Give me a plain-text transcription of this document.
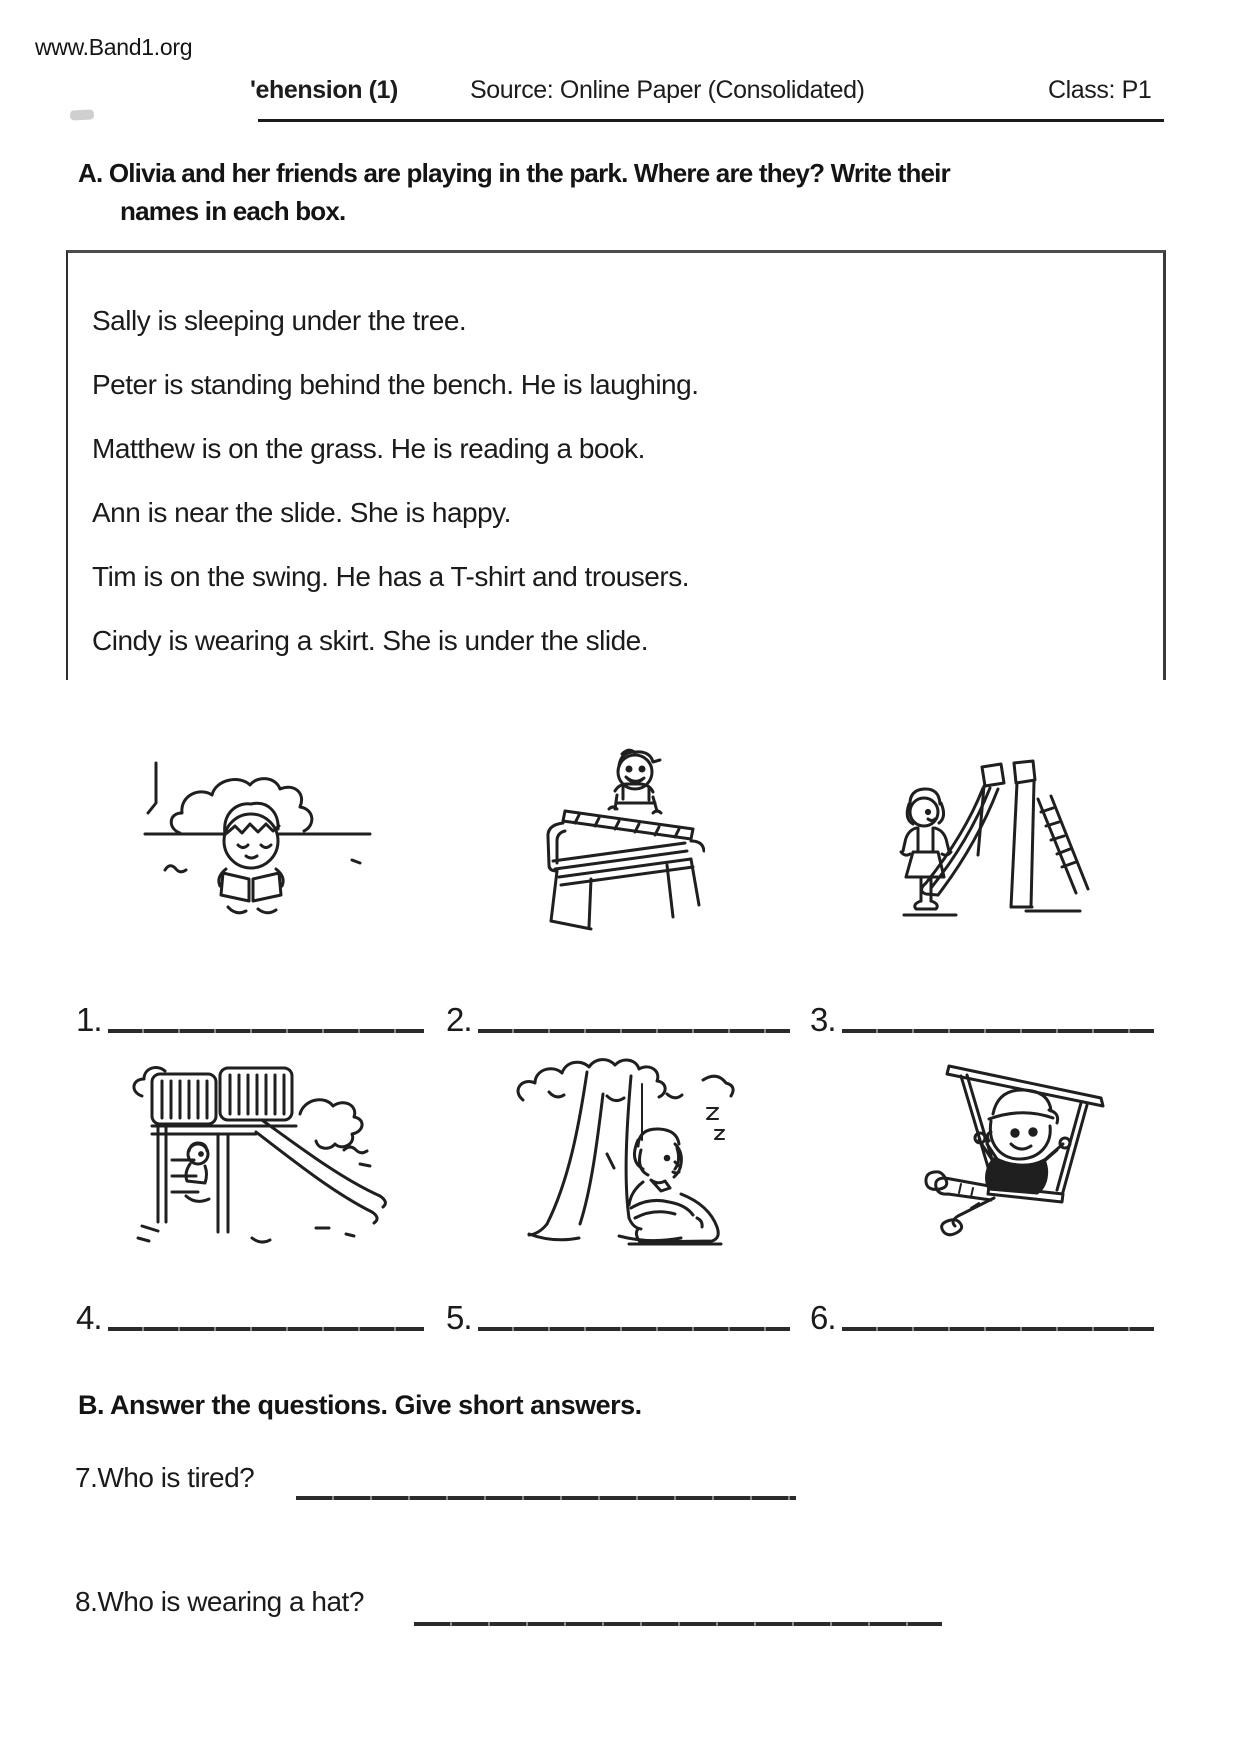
www.Band1.org
'ehension (1)	Source: Online Paper (Consolidated)	Class: P1
A. Olivia and her friends are playing in the park. Where are they? Write their
names in each box.
Sally is sleeping under the tree.
Peter is standing behind the bench. He is laughing.
Matthew is on the grass. He is reading a book.
Ann is near the slide. She is happy.
Tim is on the swing. He has a T-shirt and trousers.
Cindy is wearing a skirt. She is under the slide.
1.	2.	3.
4.	5.	6.
B. Answer the questions. Give short answers.
7.Who is tired?
8.Who is wearing a hat?
